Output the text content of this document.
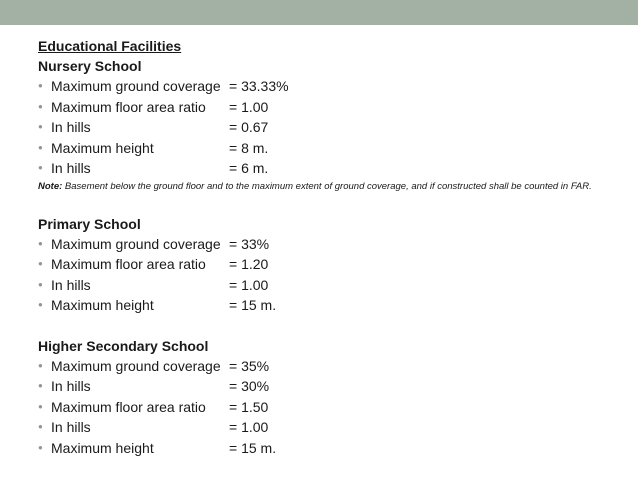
Educational Facilities
Nursery School
● Maximum ground coverage = 33.33%
● Maximum floor area ratio	= 1.00
● In hills	= 0.67
● Maximum height	= 8 m.
● In hills	= 6 m.
Note: Basement below the ground floor and to the maximum extent of ground coverage, and if constructed shall be counted in FAR.
Primary School
● Maximum ground coverage = 33%
● Maximum floor area ratio	= 1.20
● In hills	= 1.00
● Maximum height	= 15 m.
Higher Secondary School
● Maximum ground coverage = 35%
● In hills	= 30%
● Maximum floor area ratio	= 1.50
● In hills	= 1.00
● Maximum height	= 15 m.
